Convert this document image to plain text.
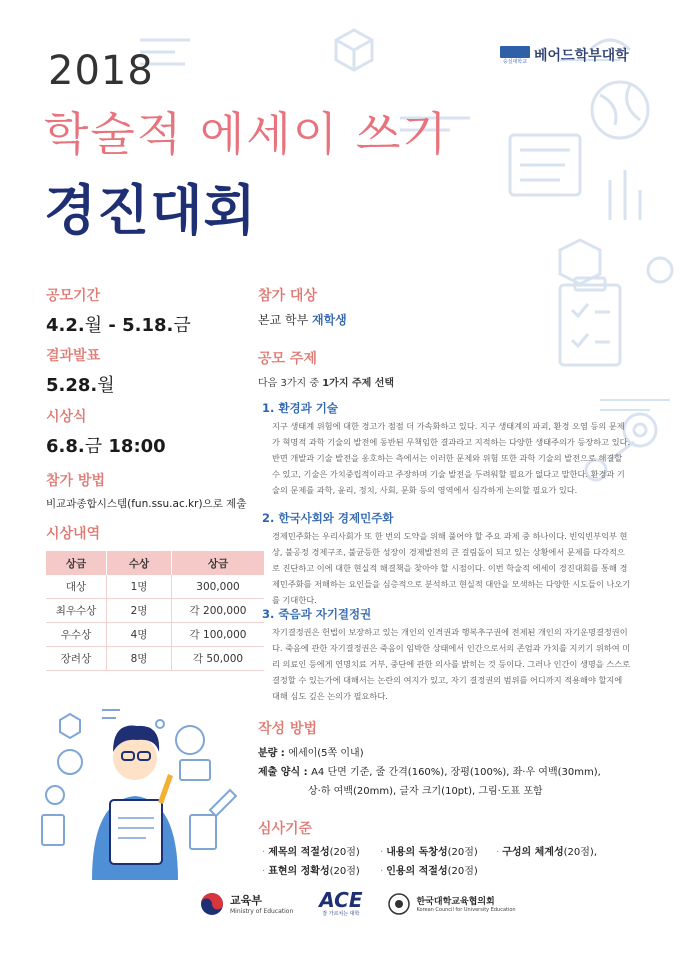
숭실대학교 베어드학부대학
2018
학술적 에세이 쓰기
경진대회
공모기간
4.2.월 - 5.18.금
결과발표
5.28.월
시상식
6.8.금 18:00
참가 방법
비교과종합시스템(fun.ssu.ac.kr)으로 제출
시상내역
상금	수상	상금
대상	1명	300,000
최우수상	2명	각 200,000
우수상	4명	각 100,000
장려상	8명	각 50,000
참가 대상
본교 학부 재학생
공모 주제
다음 3가지 중 1가지 주제 선택
1. 환경과 기술
지구 생태계 위험에 대한 경고가 점점 더 가속화하고 있다. 지구 생태계의 파괴, 환경 오염 등의 문제가 혁명적 과학 기술의 발전에 동반된 무책임한 결과라고 지적하는 다양한 생태주의가 등장하고 있다. 반면 개발과 기술 발전을 옹호하는 측에서는 이러한 문제와 위험 또한 과학 기술의 발전으로 해결할 수 있고, 기술은 가치중립적이라고 주장하며 기술 발전을 두려워할 필요가 없다고 말한다. 환경과 기술의 문제를 과학, 윤리, 정치, 사회, 문화 등의 영역에서 심각하게 논의할 필요가 있다.
2. 한국사회와 경제민주화
경제민주화는 우리사회가 또 한 번의 도약을 위해 풀어야 할 주요 과제 중 하나이다. 빈익빈부익부 현상, 불공정 경제구조, 불균등한 성장이 경제발전의 큰 걸림돌이 되고 있는 상황에서 문제를 다각적으로 진단하고 이에 대한 현실적 해결책을 찾아야 할 시점이다. 이번 학술적 에세이 경진대회를 통해 경제민주화를 저해하는 요인들을 심층적으로 분석하고 현실적 대안을 모색하는 다양한 시도들이 나오기를 기대한다.
3. 죽음과 자기결정권
자기결정권은 헌법이 보장하고 있는 개인의 인격권과 행복추구권에 전제된 개인의 자기운명결정권이다. 죽음에 관한 자기결정권은 죽음이 임박한 상태에서 인간으로서의 존엄과 가치를 지키기 위하여 미리 의료인 등에게 연명치료 거부, 중단에 관한 의사를 밝히는 것 등이다. 그러나 인간이 생명을 스스로 결정할 수 있는가에 대해서는 논란의 여지가 있고, 자기 결정권의 범위를 어디까지 적용해야 할지에 대해 심도 깊은 논의가 필요하다.
작성 방법
분량 : 에세이(5쪽 이내)
제출 양식 : A4 단면 기준, 줄 간격(160%), 장평(100%), 좌·우 여백(30mm),
상·하 여백(20mm), 글자 크기(10pt), 그림·도표 포함
심사기준
· 제목의 적절성(20점) · 내용의 독창성(20점) · 구성의 체계성(20점),
· 표현의 정확성(20점) · 인용의 적절성(20점)
교육부
Ministry of Education ACE
잘 가르치는 대학
한국대학교육협의회
Korean Council for University Education
